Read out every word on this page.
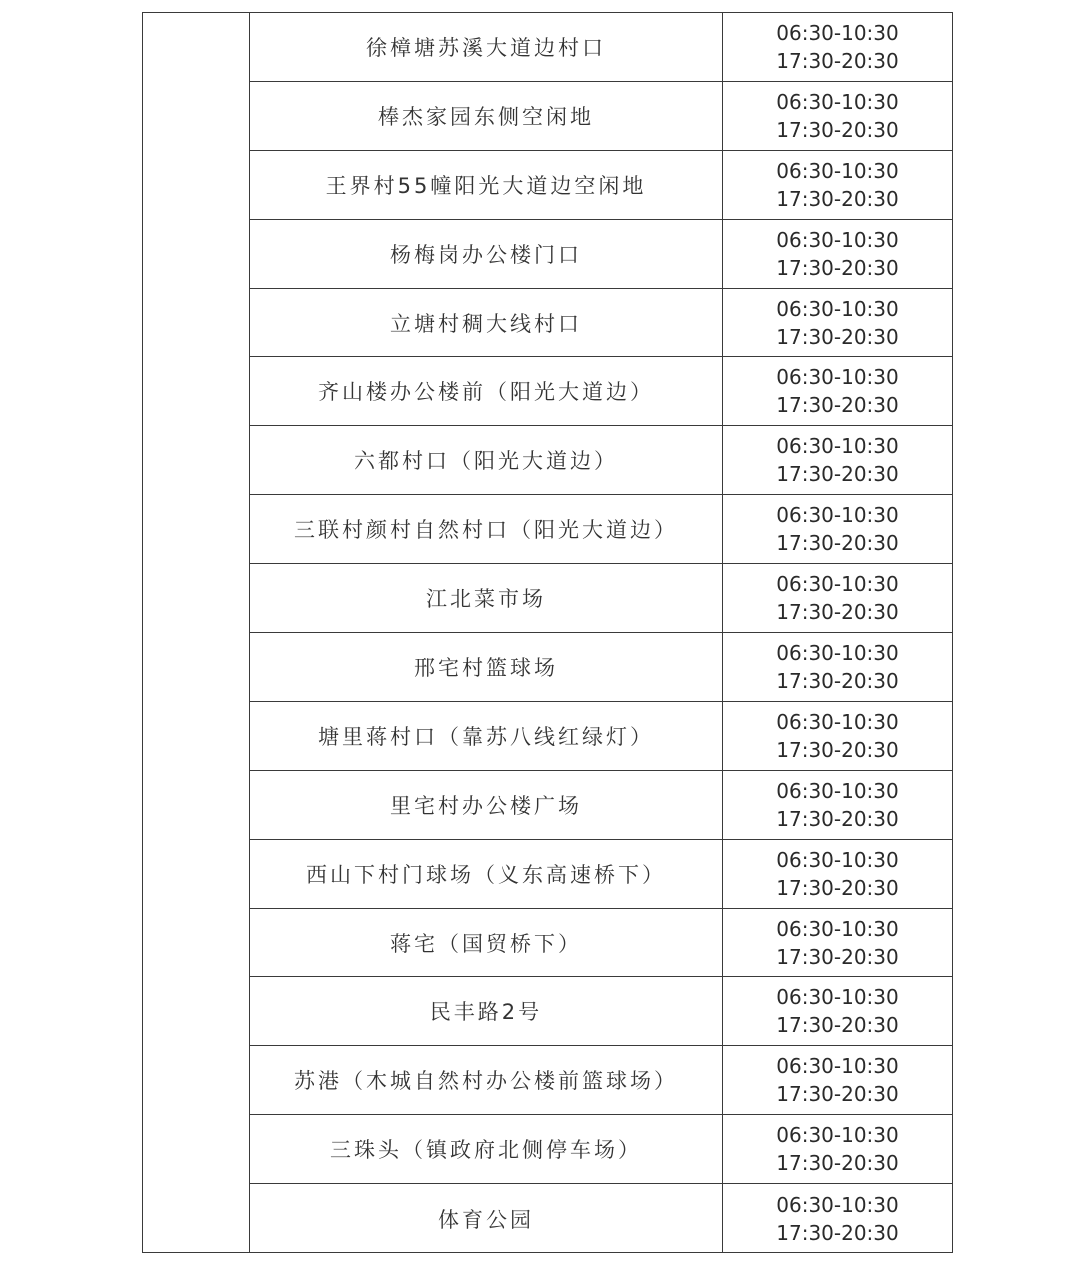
徐樟塘苏溪大道边村口
06:30-10:30
17:30-20:30
棒杰家园东侧空闲地
06:30-10:30
17:30-20:30
王界村55幢阳光大道边空闲地
06:30-10:30
17:30-20:30
杨梅岗办公楼门口
06:30-10:30
17:30-20:30
立塘村稠大线村口
06:30-10:30
17:30-20:30
齐山楼办公楼前（阳光大道边）
06:30-10:30
17:30-20:30
六都村口（阳光大道边）
06:30-10:30
17:30-20:30
三联村颜村自然村口（阳光大道边）
06:30-10:30
17:30-20:30
江北菜市场
06:30-10:30
17:30-20:30
邢宅村篮球场
06:30-10:30
17:30-20:30
塘里蒋村口（靠苏八线红绿灯）
06:30-10:30
17:30-20:30
里宅村办公楼广场
06:30-10:30
17:30-20:30
西山下村门球场（义东高速桥下）
06:30-10:30
17:30-20:30
蒋宅（国贸桥下）
06:30-10:30
17:30-20:30
民丰路2号
06:30-10:30
17:30-20:30
苏港（木城自然村办公楼前篮球场）
06:30-10:30
17:30-20:30
三珠头（镇政府北侧停车场）
06:30-10:30
17:30-20:30
体育公园
06:30-10:30
17:30-20:30
